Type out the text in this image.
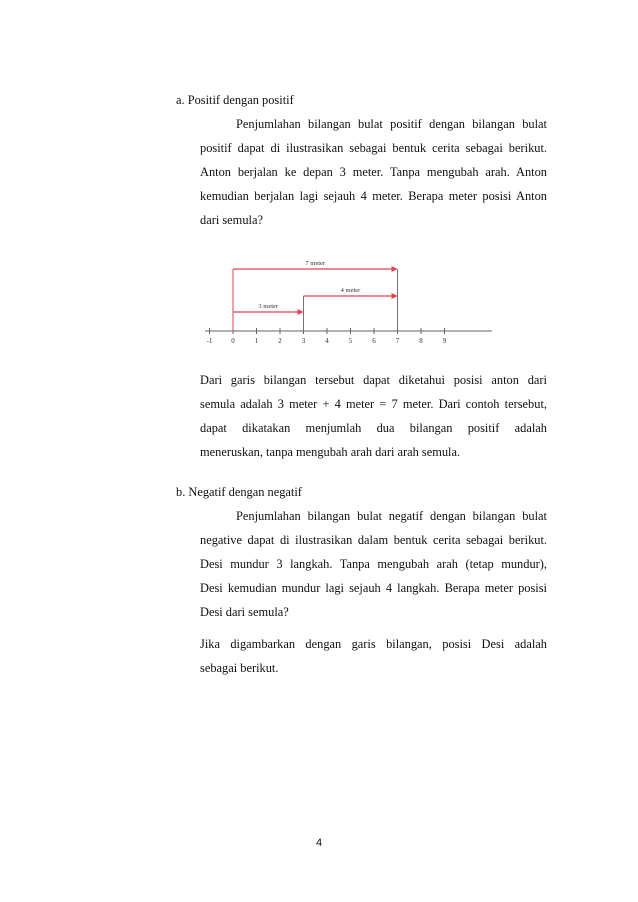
a. Positif dengan positif
Penjumlahan bilangan bulat positif dengan bilangan bulat
positif dapat di ilustrasikan sebagai bentuk cerita sebagai berikut.
Anton berjalan ke depan 3 meter. Tanpa mengubah arah. Anton
kemudian berjalan lagi sejauh 4 meter. Berapa meter posisi Anton
dari semula?
-1	0	1	2	3	4	5	6	7	8	9
7 meter
4 meter
3 meter
Dari garis bilangan tersebut dapat diketahui posisi anton dari
semula adalah 3 meter + 4 meter = 7 meter. Dari contoh tersebut,
dapat dikatakan menjumlah dua bilangan positif adalah
meneruskan, tanpa mengubah arah dari arah semula.
b. Negatif dengan negatif
Penjumlahan bilangan bulat negatif dengan bilangan bulat
negative dapat di ilustrasikan dalam bentuk cerita sebagai berikut.
Desi mundur 3 langkah. Tanpa mengubah arah (tetap mundur),
Desi kemudian mundur lagi sejauh 4 langkah. Berapa meter posisi
Desi dari semula?
Jika digambarkan dengan garis bilangan, posisi Desi adalah
sebagai berikut.
4
